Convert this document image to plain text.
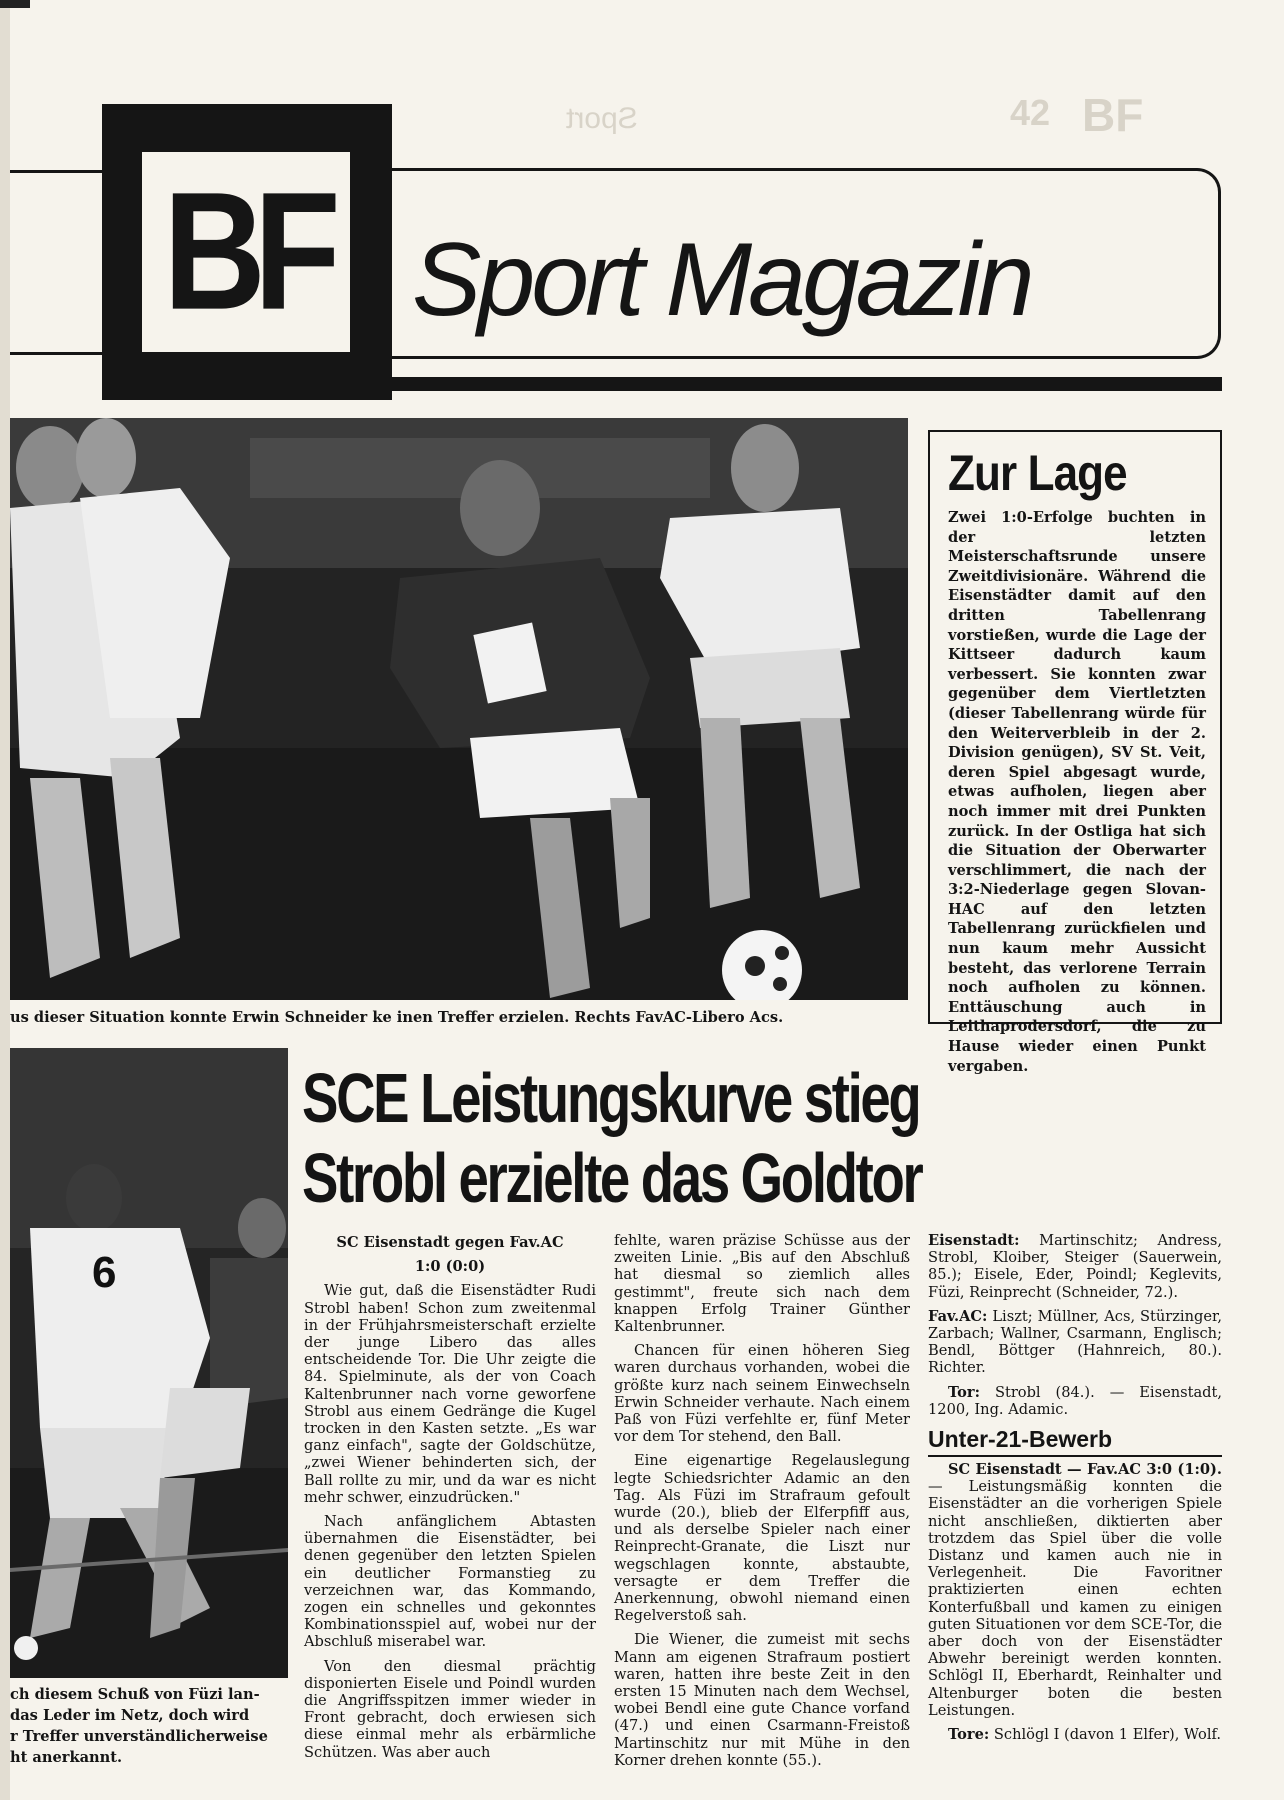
BF
42
Sport
BF Sport Magazin
us dieser Situation konnte Erwin Schneider ke inen Treffer erzielen. Rechts FavAC-Libero Acs.
Zur Lage

Zwei 1:0-Erfolge buchten in der letzten Meisterschaftsrunde unsere Zweitdivisionäre. Während die Eisenstädter damit auf den dritten Tabellenrang vorstießen, wurde die Lage der Kittseer dadurch kaum verbessert. Sie konnten zwar gegenüber dem Viertletzten (dieser Tabellenrang würde für den Weiterverbleib in der 2. Division genügen), SV St. Veit, deren Spiel abgesagt wurde, etwas aufholen, liegen aber noch immer mit drei Punkten zurück. In der Ostliga hat sich die Situation der Oberwarter verschlimmert, die nach der 3:2-Niederlage gegen Slovan-HAC auf den letzten Tabellenrang zurückfielen und nun kaum mehr Aussicht besteht, das verlorene Terrain noch aufholen zu können. Enttäuschung auch in Leithaprodersdorf, die zu Hause wieder einen Punkt vergaben.

6
ch diesem Schuß von Füzi lan-
das Leder im Netz, doch wird
r Treffer unverständlicherweise
ht anerkannt.
SCE Leistungskurve stieg
Strobl erzielte das Goldtor

SC Eisenstadt gegen Fav.AC

1:0 (0:0)

Wie gut, daß die Eisenstädter Rudi Strobl haben! Schon zum zweitenmal in der Frühjahrsmeisterschaft erzielte der junge Libero das alles entscheidende Tor. Die Uhr zeigte die 84. Spielminute, als der von Coach Kaltenbrunner nach vorne geworfene Strobl aus einem Gedränge die Kugel trocken in den Kasten setzte. „Es war ganz einfach", sagte der Goldschütze, „zwei Wiener behinderten sich, der Ball rollte zu mir, und da war es nicht mehr schwer, einzudrücken."

Nach anfänglichem Abtasten übernahmen die Eisenstädter, bei denen gegenüber den letzten Spielen ein deutlicher Formanstieg zu verzeichnen war, das Kommando, zogen ein schnelles und gekonntes Kombinationsspiel auf, wobei nur der Abschluß miserabel war.

Von den diesmal prächtig disponierten Eisele und Poindl wurden die Angriffsspitzen immer wieder in Front gebracht, doch erwiesen sich diese einmal mehr als erbärmliche Schützen. Was aber auch

fehlte, waren präzise Schüsse aus der zweiten Linie. „Bis auf den Abschluß hat diesmal so ziemlich alles gestimmt", freute sich nach dem knappen Erfolg Trainer Günther Kaltenbrunner.

Chancen für einen höheren Sieg waren durchaus vorhanden, wobei die größte kurz nach seinem Einwechseln Erwin Schneider verhaute. Nach einem Paß von Füzi verfehlte er, fünf Meter vor dem Tor stehend, den Ball.

Eine eigenartige Regelauslegung legte Schiedsrichter Adamic an den Tag. Als Füzi im Strafraum gefoult wurde (20.), blieb der Elferpfiff aus, und als derselbe Spieler nach einer Reinprecht-Granate, die Liszt nur wegschlagen konnte, abstaubte, versagte er dem Treffer die Anerkennung, obwohl niemand einen Regelverstoß sah.

Die Wiener, die zumeist mit sechs Mann am eigenen Strafraum postiert waren, hatten ihre beste Zeit in den ersten 15 Minuten nach dem Wechsel, wobei Bendl eine gute Chance vorfand (47.) und einen Csarmann-Freistoß Martinschitz nur mit Mühe in den Korner drehen konnte (55.).

Eisenstadt: Martinschitz; Andress, Strobl, Kloiber, Steiger (Sauerwein, 85.); Eisele, Eder, Poindl; Keglevits, Füzi, Reinprecht (Schneider, 72.).

Fav.AC: Liszt; Müllner, Acs, Stürzinger, Zarbach; Wallner, Csarmann, Englisch; Bendl, Böttger (Hahnreich, 80.). Richter.

Tor: Strobl (84.). — Eisenstadt, 1200, Ing. Adamic.

Unter-21-Bewerb

SC Eisenstadt — Fav.AC 3:0 (1:0). — Leistungsmäßig konnten die Eisenstädter an die vorherigen Spiele nicht anschließen, diktierten aber trotzdem das Spiel über die volle Distanz und kamen auch nie in Verlegenheit. Die Favoritner praktizierten einen echten Konterfußball und kamen zu einigen guten Situationen vor dem SCE-Tor, die aber doch von der Eisenstädter Abwehr bereinigt werden konnten. Schlögl II, Eberhardt, Reinhalter und Altenburger boten die besten Leistungen.

Tore: Schlögl I (davon 1 Elfer), Wolf.
